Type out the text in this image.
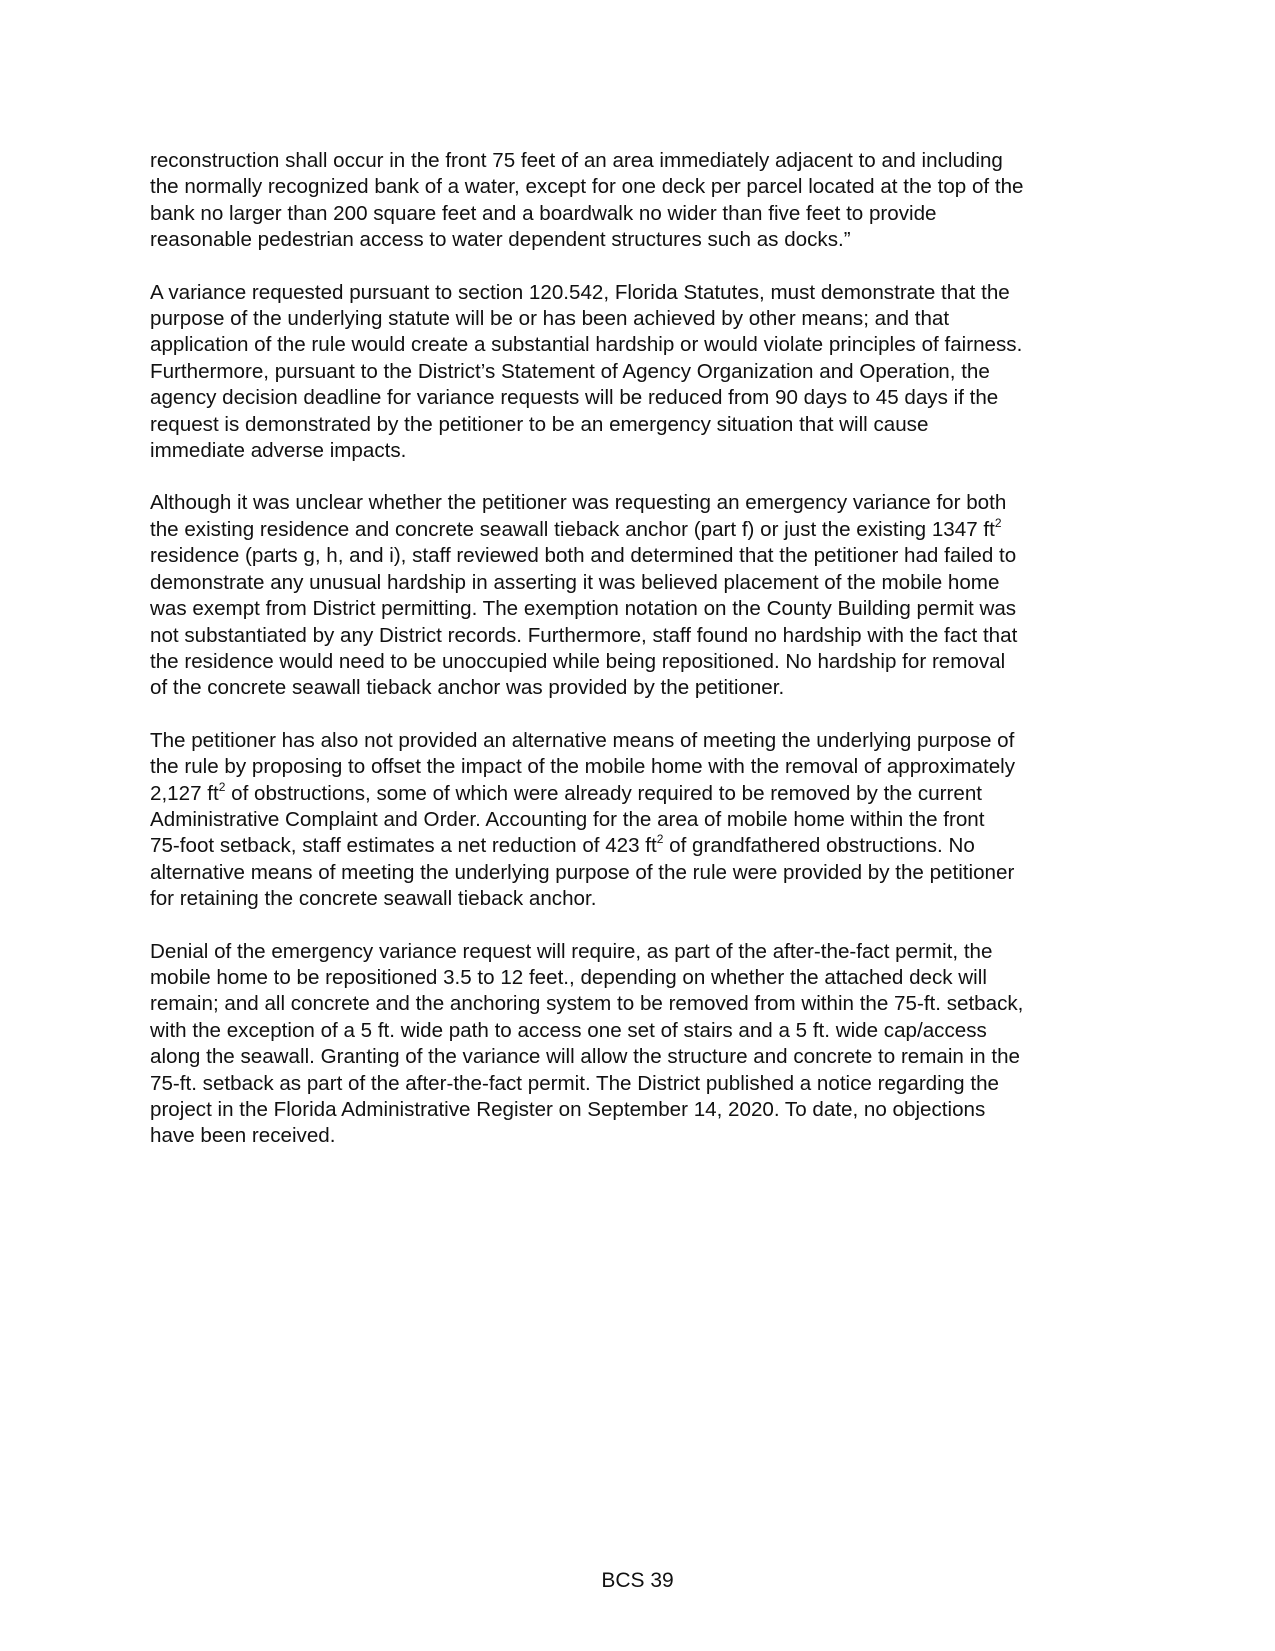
reconstruction shall occur in the front 75 feet of an area immediately adjacent to and including
the normally recognized bank of a water, except for one deck per parcel located at the top of the
bank no larger than 200 square feet and a boardwalk no wider than five feet to provide
reasonable pedestrian access to water dependent structures such as docks.”

A variance requested pursuant to section 120.542, Florida Statutes, must demonstrate that the
purpose of the underlying statute will be or has been achieved by other means; and that
application of the rule would create a substantial hardship or would violate principles of fairness.
Furthermore, pursuant to the District’s Statement of Agency Organization and Operation, the
agency decision deadline for variance requests will be reduced from 90 days to 45 days if the
request is demonstrated by the petitioner to be an emergency situation that will cause
immediate adverse impacts.

Although it was unclear whether the petitioner was requesting an emergency variance for both
the existing residence and concrete seawall tieback anchor (part f) or just the existing 1347 $ft^2$
residence (parts g, h, and i), staff reviewed both and determined that the petitioner had failed to
demonstrate any unusual hardship in asserting it was believed placement of the mobile home
was exempt from District permitting. The exemption notation on the County Building permit was
not substantiated by any District records. Furthermore, staff found no hardship with the fact that
the residence would need to be unoccupied while being repositioned. No hardship for removal
of the concrete seawall tieback anchor was provided by the petitioner.

The petitioner has also not provided an alternative means of meeting the underlying purpose of
the rule by proposing to offset the impact of the mobile home with the removal of approximately
2,127 $ft^2$ of obstructions, some of which were already required to be removed by the current
Administrative Complaint and Order. Accounting for the area of mobile home within the front
75-foot setback, staff estimates a net reduction of 423 $ft^2$ of grandfathered obstructions. No
alternative means of meeting the underlying purpose of the rule were provided by the petitioner
for retaining the concrete seawall tieback anchor.

Denial of the emergency variance request will require, as part of the after-the-fact permit, the
mobile home to be repositioned 3.5 to 12 feet., depending on whether the attached deck will
remain; and all concrete and the anchoring system to be removed from within the 75-ft. setback,
with the exception of a 5 ft. wide path to access one set of stairs and a 5 ft. wide cap/access
along the seawall. Granting of the variance will allow the structure and concrete to remain in the
75-ft. setback as part of the after-the-fact permit. The District published a notice regarding the
project in the Florida Administrative Register on September 14, 2020. To date, no objections
have been received.

BCS 39
